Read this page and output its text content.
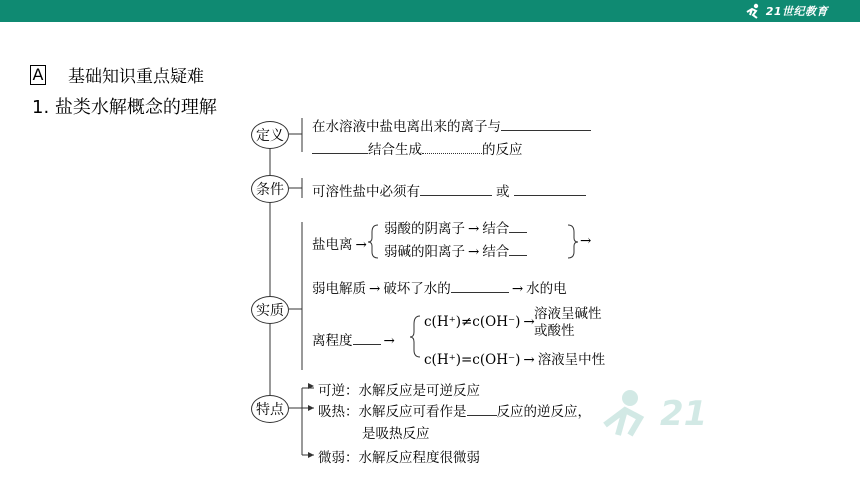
21世纪教育
A 基础知识重点疑难
1. 盐类水解概念的理解
定义
条件
实质
特点
在水溶液中盐电离出来的离子与
结合生成	的反应
可溶性盐中必须有	或
盐电离 →
弱酸的阴离子 → 结合
弱碱的阳离子 → 结合
→
弱电解质 → 破坏了水的	→ 水的电
离程度 →
c(H⁺)≠c(OH⁻) → 溶液呈碱性
或酸性
c(H⁺)=c(OH⁻) → 溶液呈中性
可逆：水解反应是可逆反应
吸热：水解反应可看作是 反应的逆反应，
是吸热反应
微弱：水解反应程度很微弱
21
